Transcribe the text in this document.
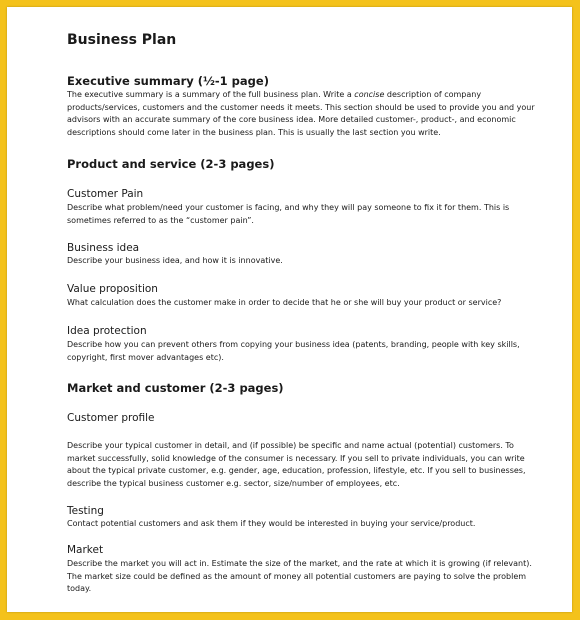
Business Plan
Executive summary (½-1 page)

The executive summary is a summary of the full business plan. Write a concise description of company products/services, customers and the customer needs it meets. This section should be used to provide you and your advisors with an accurate summary of the core business idea. More detailed customer-, product-, and economic descriptions should come later in the business plan. This is usually the last section you write.

Product and service (2-3 pages)
Customer Pain

Describe what problem/need your customer is facing, and why they will pay someone to fix it for them. This is sometimes referred to as the “customer pain”.

Business idea

Describe your business idea, and how it is innovative.

Value proposition

What calculation does the customer make in order to decide that he or she will buy your product or service?

Idea protection

Describe how you can prevent others from copying your business idea (patents, branding, people with key skills, copyright, first mover advantages etc).

Market and customer (2-3 pages)
Customer profile

Describe your typical customer in detail, and (if possible) be specific and name actual (potential) customers. To market successfully, solid knowledge of the consumer is necessary. If you sell to private individuals, you can write about the typical private customer, e.g. gender, age, education, profession, lifestyle, etc. If you sell to businesses, describe the typical business customer e.g. sector, size/number of employees, etc.

Testing

Contact potential customers and ask them if they would be interested in buying your service/product.

Market

Describe the market you will act in. Estimate the size of the market, and the rate at which it is growing (if relevant). The market size could be defined as the amount of money all potential customers are paying to solve the problem today.
